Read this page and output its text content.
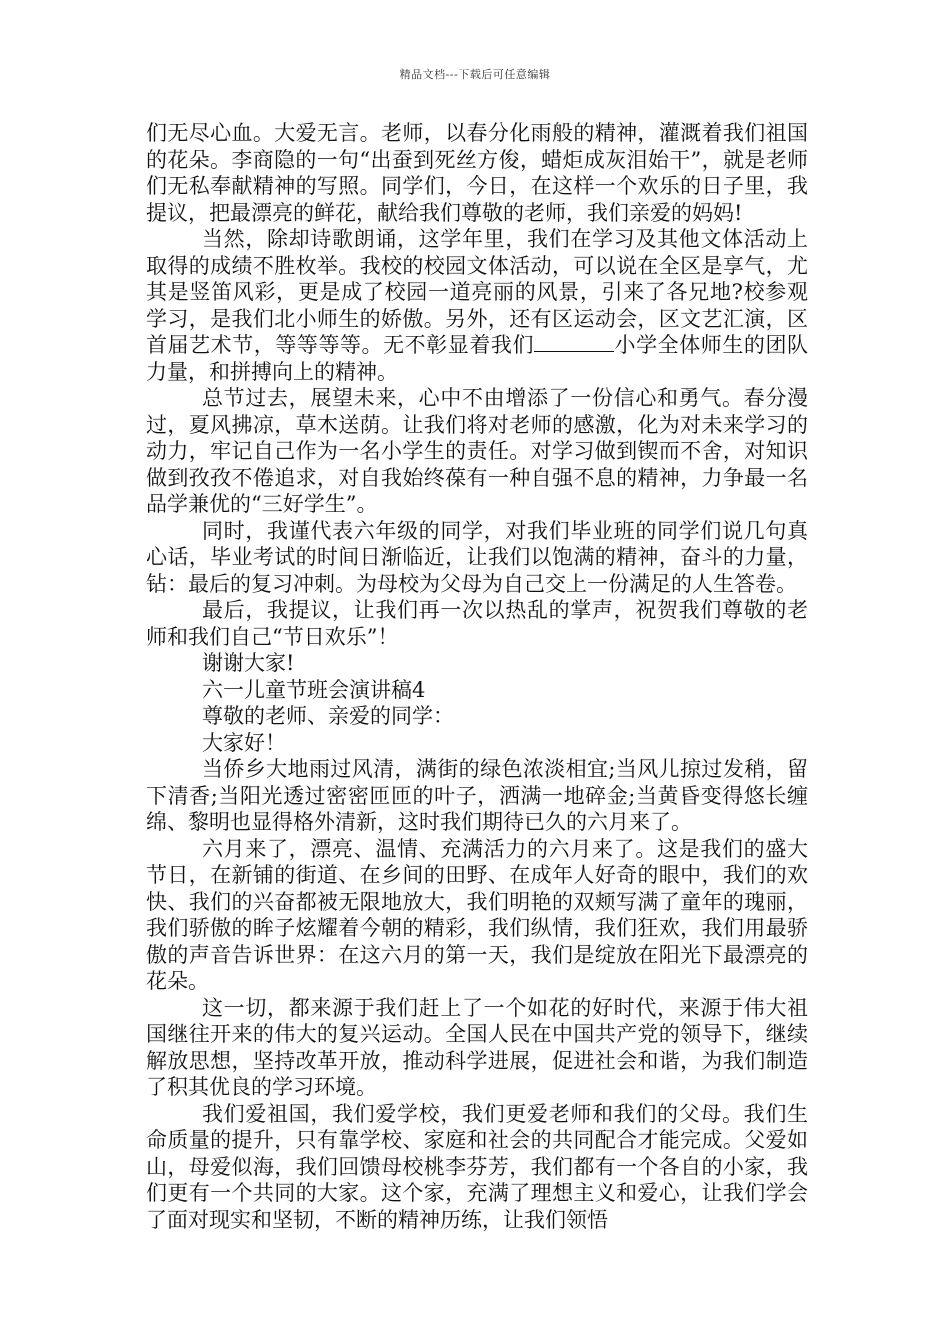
精品文档---下载后可任意编辑

们无尽心血。大爱无言。老师，以春分化雨般的精神，灌溉着我们祖国的花朵。李商隐的一句“出蚕到死丝方俊，蜡炬成灰泪始干”，就是老师们无私奉献精神的写照。同学们，今日，在这样一个欢乐的日子里，我提议，把最漂亮的鲜花，献给我们尊敬的老师，我们亲爱的妈妈!

当然，除却诗歌朗诵，这学年里，我们在学习及其他文体活动上取得的成绩不胜枚举。我校的校园文体活动，可以说在全区是享气，尤其是竖笛风彩，更是成了校园一道亮丽的风景，引来了各兄地?校参观学习，是我们北小师生的娇傲。另外，还有区运动会，区文艺汇演，区首届艺术节，等等等等。无不彰显着我们	小学全体师生的团队力量，和拼搏向上的精神。

总节过去，展望未来，心中不由增添了一份信心和勇气。春分漫过，夏风拂凉，草木送荫。让我们将对老师的感激，化为对未来学习的动力，牢记自己作为一名小学生的责任。对学习做到锲而不舍，对知识做到孜孜不倦追求，对自我始终葆有一种自强不息的精神，力争最一名品学兼优的“三好学生”。

同时，我谨代表六年级的同学，对我们毕业班的同学们说几句真心话，毕业考试的时间日渐临近，让我们以饱满的精神，奋斗的力量，钻：最后的复习冲刺。为母校为父母为自己交上一份满足的人生答卷。

最后，我提议，让我们再一次以热乱的掌声，祝贺我们尊敬的老师和我们自己“节日欢乐”！

谢谢大家!

六一儿童节班会演讲稿4

尊敬的老师、亲爱的同学：

大家好！

当侨乡大地雨过风清，满街的绿色浓淡相宜;当风儿掠过发稍，留下清香;当阳光透过密密匝匝的叶子，洒满一地碎金;当黄昏变得悠长缠绵、黎明也显得格外清新，这时我们期待已久的六月来了。

六月来了，漂亮、温情、充满活力的六月来了。这是我们的盛大节日，在新铺的街道、在乡间的田野、在成年人好奇的眼中，我们的欢快、我们的兴奋都被无限地放大，我们明艳的双颊写满了童年的瑰丽，我们骄傲的眸子炫耀着今朝的精彩，我们纵情，我们狂欢，我们用最骄傲的声音告诉世界：在这六月的第一天，我们是绽放在阳光下最漂亮的花朵。

这一切，都来源于我们赶上了一个如花的好时代，来源于伟大祖国继往开来的伟大的复兴运动。全国人民在中国共产党的领导下，继续解放思想，坚持改革开放，推动科学进展，促进社会和谐，为我们制造了积其优良的学习环境。

我们爱祖国，我们爱学校，我们更爱老师和我们的父母。我们生命质量的提升，只有靠学校、家庭和社会的共同配合才能完成。父爱如山，母爱似海，我们回馈母校桃李芬芳，我们都有一个各自的小家，我们更有一个共同的大家。这个家，充满了理想主义和爱心，让我们学会了面对现实和坚韧，不断的精神历练，让我们领悟
